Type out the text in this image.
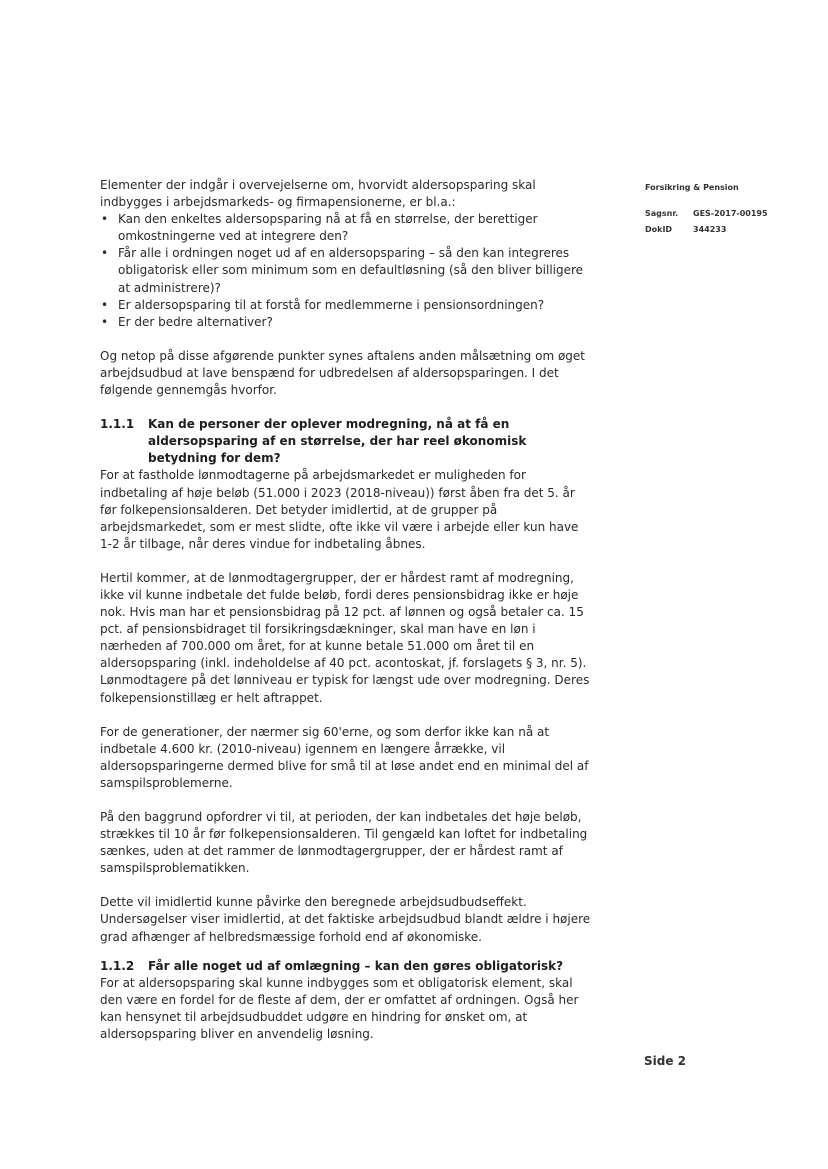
Forsikring & Pension
Sagsnr.	GES-2017-00195
DokID	344233

Elementer der indgår i overvejelserne om, hvorvidt aldersopsparing skal indbygges i arbejdsmarkeds- og firmapensionerne, er bl.a.:

• Kan den enkeltes aldersopsparing nå at få en størrelse, der berettiger omkostningerne ved at integrere den?
• Får alle i ordningen noget ud af en aldersopsparing – så den kan integreres obligatorisk eller som minimum som en defaultløsning (så den bliver billigere at administrere)?
• Er aldersopsparing til at forstå for medlemmerne i pensionsordningen?
• Er der bedre alternativer?

Og netop på disse afgørende punkter synes aftalens anden målsætning om øget arbejdsudbud at lave benspænd for udbredelsen af aldersopsparingen. I det følgende gennemgås hvorfor.

1.1.1	Kan de personer der oplever modregning, nå at få en aldersopsparing af en størrelse, der har reel økonomisk betydning for dem?

For at fastholde lønmodtagerne på arbejdsmarkedet er muligheden for indbetaling af høje beløb (51.000 i 2023 (2018-niveau)) først åben fra det 5. år før folkepensionsalderen. Det betyder imidlertid, at de grupper på arbejdsmarkedet, som er mest slidte, ofte ikke vil være i arbejde eller kun have 1-2 år tilbage, når deres vindue for indbetaling åbnes.

Hertil kommer, at de lønmodtagergrupper, der er hårdest ramt af modregning, ikke vil kunne indbetale det fulde beløb, fordi deres pensionsbidrag ikke er høje nok. Hvis man har et pensionsbidrag på 12 pct. af lønnen og også betaler ca. 15 pct. af pensionsbidraget til forsikringsdækninger, skal man have en løn i nærheden af 700.000 om året, for at kunne betale 51.000 om året til en aldersopsparing (inkl. indeholdelse af 40 pct. acontoskat, jf. forslagets § 3, nr. 5). Lønmodtagere på det lønniveau er typisk for længst ude over modregning. Deres folkepensionstillæg er helt aftrappet.

For de generationer, der nærmer sig 60'erne, og som derfor ikke kan nå at indbetale 4.600 kr. (2010-niveau) igennem en længere årrække, vil aldersopsparingerne dermed blive for små til at løse andet end en minimal del af samspilsproblemerne.

På den baggrund opfordrer vi til, at perioden, der kan indbetales det høje beløb, strækkes til 10 år før folkepensionsalderen. Til gengæld kan loftet for indbetaling sænkes, uden at det rammer de lønmodtagergrupper, der er hårdest ramt af samspilsproblematikken.

Dette vil imidlertid kunne påvirke den beregnede arbejdsudbudseffekt. Undersøgelser viser imidlertid, at det faktiske arbejdsudbud blandt ældre i højere grad afhænger af helbredsmæssige forhold end af økonomiske.

1.1.2	Får alle noget ud af omlægning – kan den gøres obligatorisk?

For at aldersopsparing skal kunne indbygges som et obligatorisk element, skal den være en fordel for de fleste af dem, der er omfattet af ordningen. Også her kan hensynet til arbejdsudbuddet udgøre en hindring for ønsket om, at aldersopsparing bliver en anvendelig løsning.

Side 2
